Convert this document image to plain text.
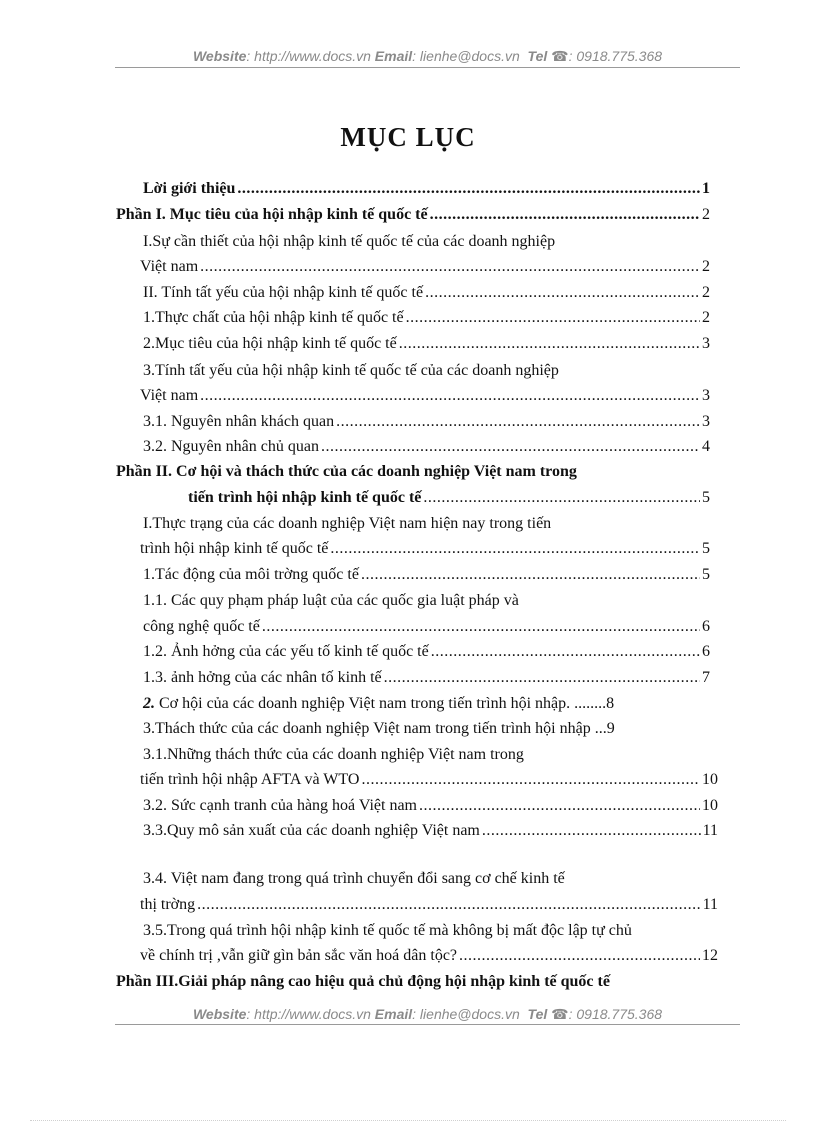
Website: http://www.docs.vn Email: lienhe@docs.vn Tel ☎: 0918.775.368
MỤC LỤC
Lời giới thiệu .....	1
Phần I. Mục tiêu của hội nhập kinh tế quốc tế .....	2
I.Sự cần thiết của hội nhập kinh tế quốc tế của các doanh nghiệp
Việt nam .....	2
II. Tính tất yếu của hội nhập kinh tế quốc tế .....	2
1.Thực chất của hội nhập kinh tế quốc tế .....	2
2.Mục tiêu của hội nhập kinh tế quốc tế .....	3
3.Tính tất yếu của hội nhập kinh tế quốc tế của các doanh nghiệp
Việt nam .....	3
3.1. Nguyên nhân khách quan .....	3
3.2. Nguyên nhân chủ quan .....	4
Phần II. Cơ hội và thách thức của các doanh nghiệp Việt nam trong
tiến trình hội nhập kinh tế quốc tế .....	5
I.Thực trạng của các doanh nghiệp Việt nam hiện nay trong tiến
trình hội nhập kinh tế quốc tế .....	5
1.Tác động của môi trờng quốc tế .....	5
1.1. Các quy phạm pháp luật của các quốc gia luật pháp và
công nghệ quốc tế .....	6
1.2. Ảnh hởng của các yếu tố kinh tế quốc tế .....	6
1.3. ảnh hởng của các nhân tố kinh tế .....	7
2. Cơ hội của các doanh nghiệp Việt nam trong tiến trình hội nhập. ........8
3.Thách thức của các doanh nghiệp Việt nam trong tiến trình hội nhập ...9
3.1.Những thách thức của các doanh nghiệp Việt nam trong
tiến trình hội nhập AFTA và WTO .....	10
3.2. Sức cạnh tranh của hàng hoá Việt nam .....	10
3.3.Quy mô sản xuất của các doanh nghiệp Việt nam .....	11
3.4. Việt nam đang trong quá trình chuyển đổi sang cơ chế kinh tế
thị trờng .....	11
3.5.Trong quá trình hội nhập kinh tế quốc tế mà không bị mất độc lập tự chủ
về chính trị ,vẫn giữ gìn bản sắc văn hoá dân tộc? .....	12
Phần III.Giải pháp nâng cao hiệu quả chủ động hội nhập kinh tế quốc tế
Website: http://www.docs.vn Email: lienhe@docs.vn Tel ☎: 0918.775.368
